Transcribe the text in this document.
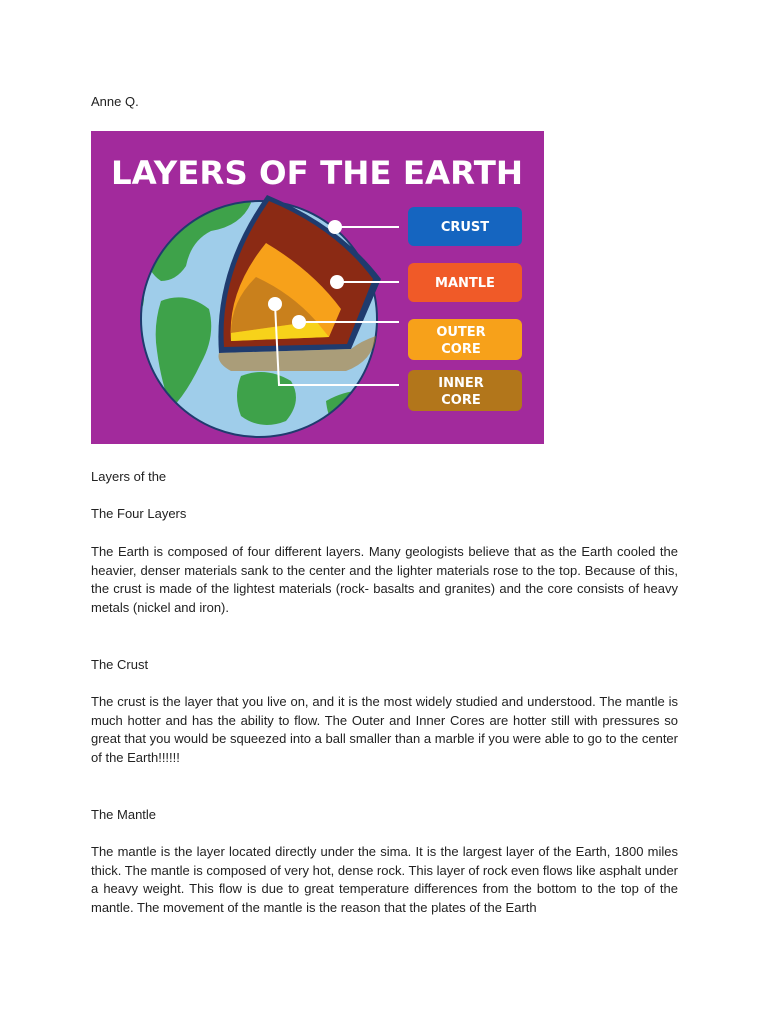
Anne Q.

CRUST
MANTLE
OUTER
CORE
INNER
CORE
LAYERS OF THE EARTH

Layers of the

The Four Layers

The Earth is composed of four different layers. Many geologists believe that as the Earth cooled the heavier, denser materials sank to the center and the lighter materials rose to the top. Because of this, the crust is made of the lightest materials (rock- basalts and granites) and the core consists of heavy metals (nickel and iron).

The Crust

The crust is the layer that you live on, and it is the most widely studied and understood. The mantle is much hotter and has the ability to flow. The Outer and Inner Cores are hotter still with pressures so great that you would be squeezed into a ball smaller than a marble if you were able to go to the center of the Earth!!!!!!

The Mantle

The mantle is the layer located directly under the sima. It is the largest layer of the Earth, 1800 miles thick. The mantle is composed of very hot, dense rock. This layer of rock even flows like asphalt under a heavy weight. This flow is due to great temperature differences from the bottom to the top of the mantle. The movement of the mantle is the reason that the plates of the Earth
